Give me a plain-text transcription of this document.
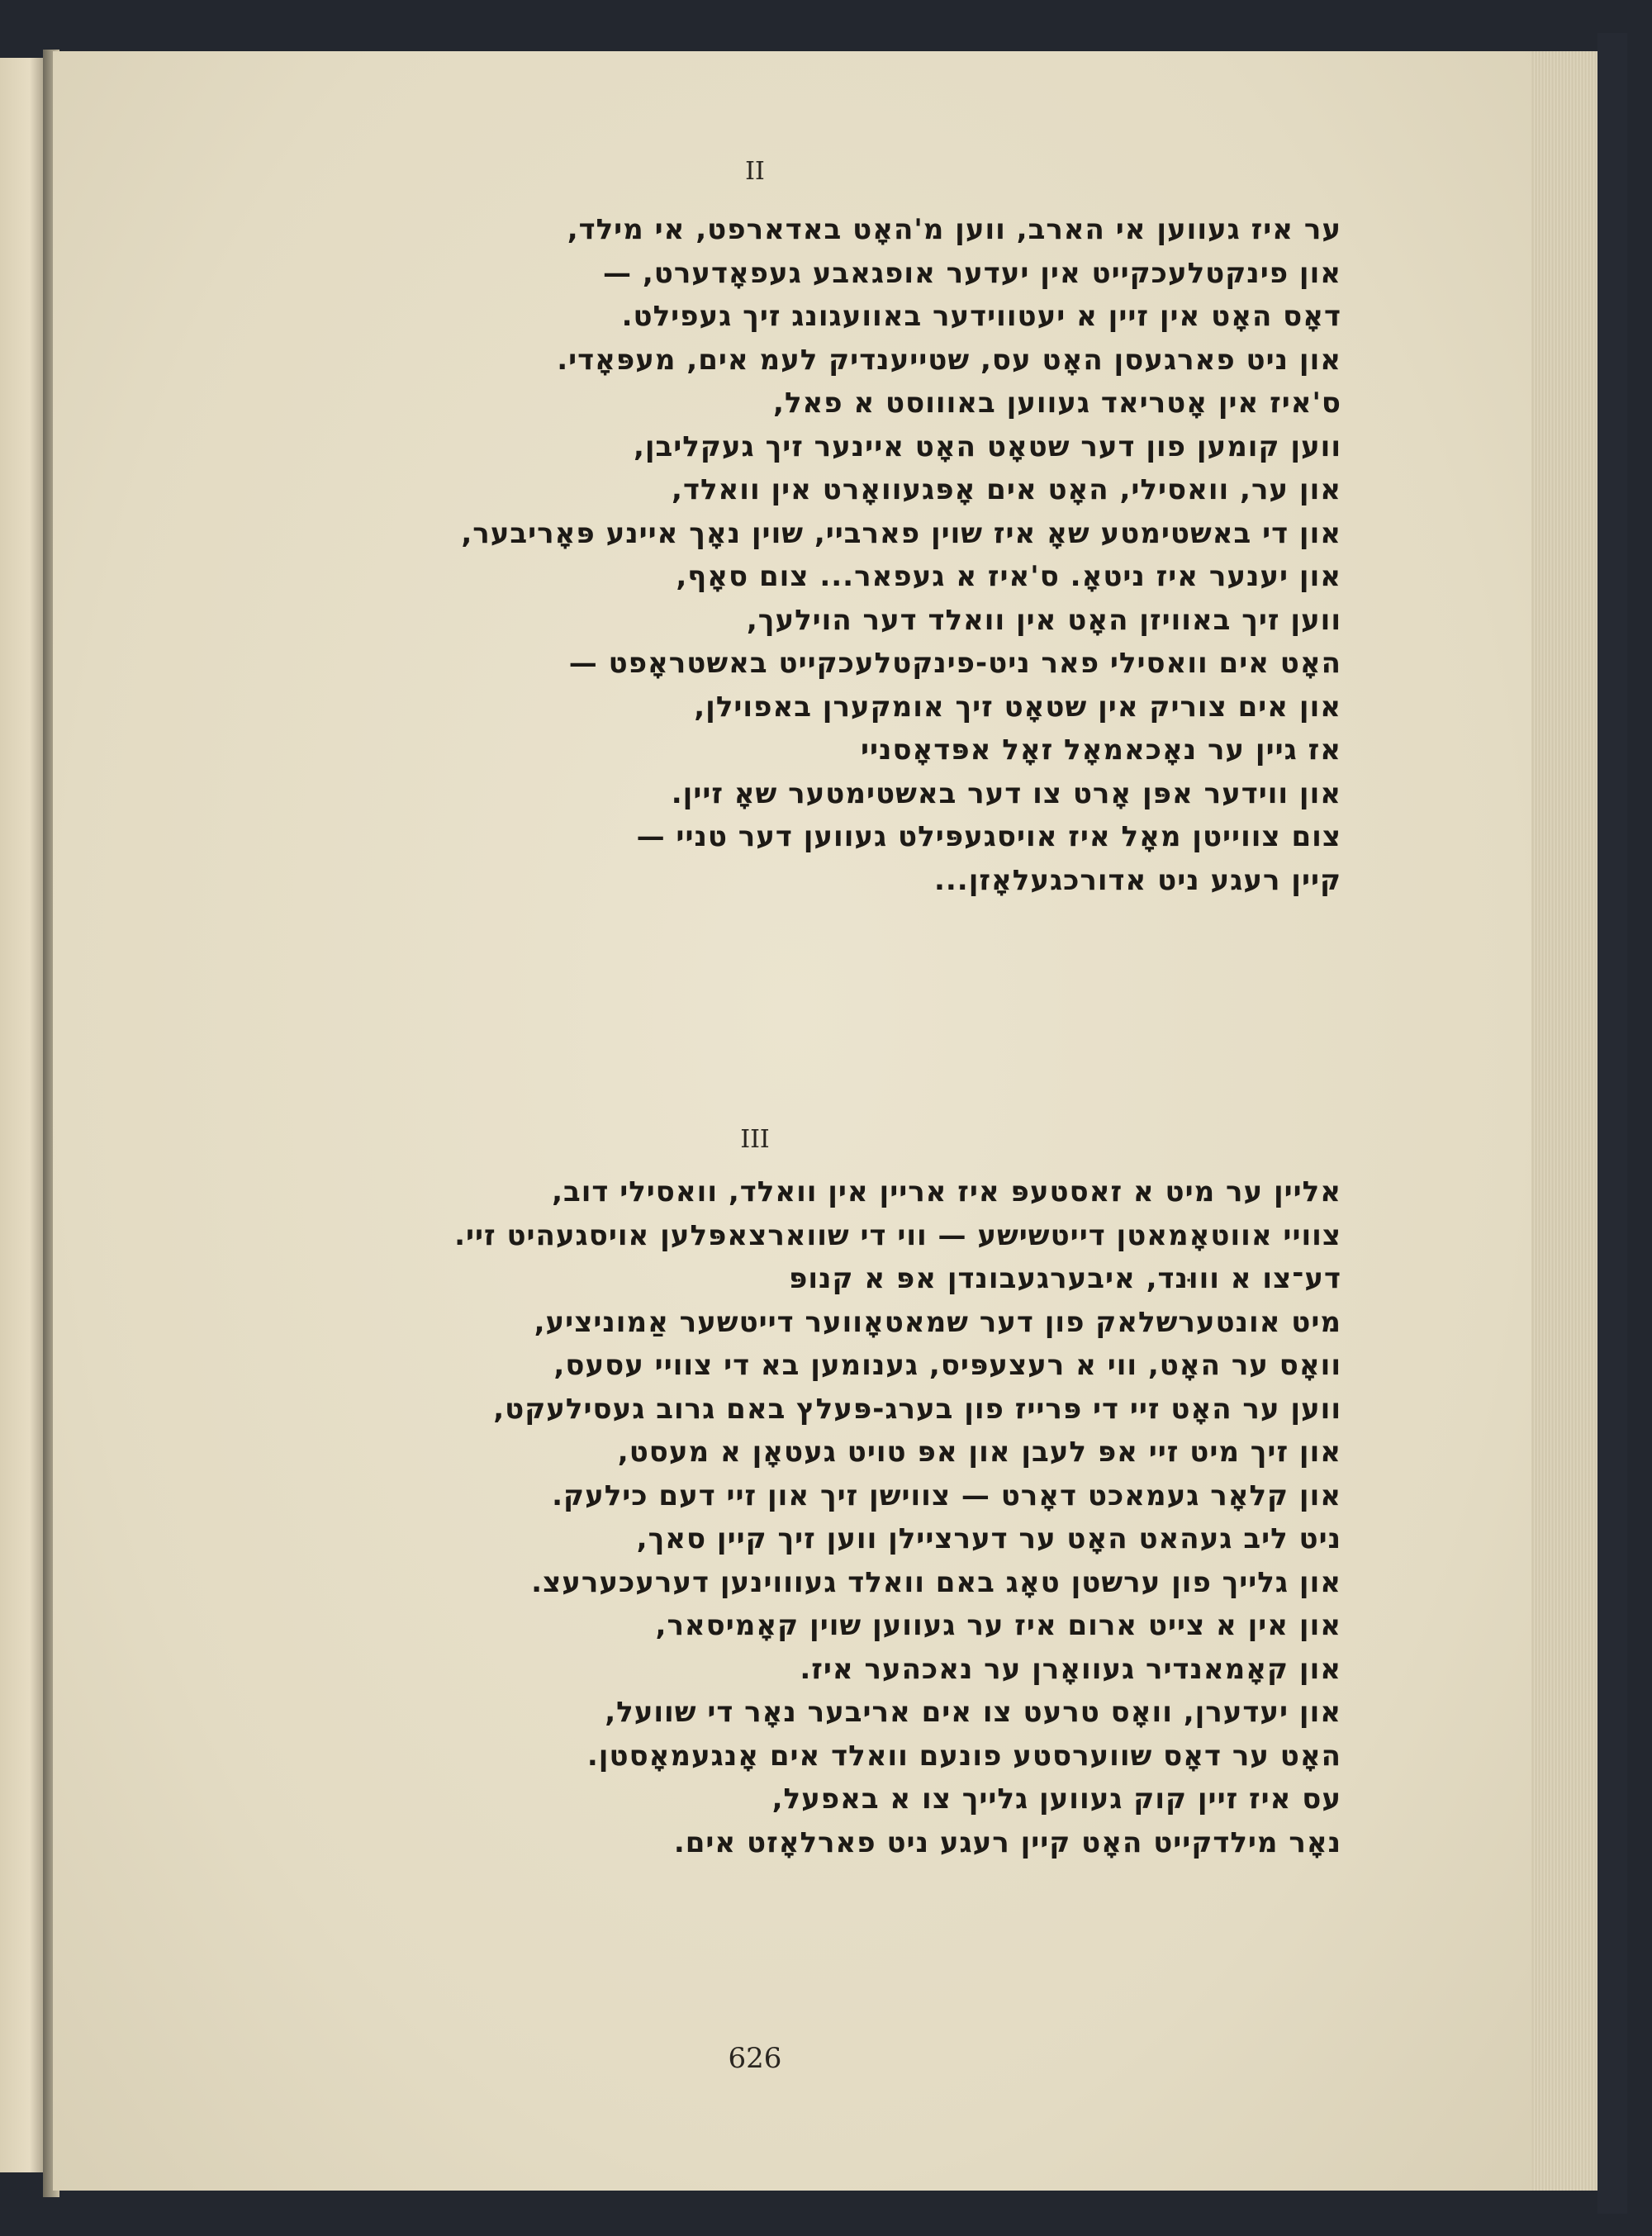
II
ער איז געווען אי הארב, ווען מ'האָט באדארפט, אי מילד,
און פינקטלעכקייט אין יעדער אופגאבע געפאָדערט, —
דאָס האָט אין זיין א יעטווידער באוועגונג זיך געפילט.
און ניט פארגעסן האָט עס, שטייענדיק לעמ אים, מעפּאָדי.
ס'איז אין אָטריאד געווען באוווסט א פאל,
ווען קומען פון דער שטאָט האָט איינער זיך געקליבן,
און ער, וואסילי, האָט אים אָפּגעוואָרט אין וואלד,
און די באשטימטע שאָ איז שוין פארביי, שוין נאָך איינע פּאָריבער,
און יענער איז ניטאָ. ס'איז א געפאר... צום סאָף,
ווען זיך באוויזן האָט אין וואלד דער הוילעך,
האָט אים וואסילי פאר ניט-פינקטלעכקייט באשטראָפט —
און אים צוריק אין שטאָט זיך אומקערן באפוילן,
אז גיין ער נאָכאמאָל זאָל אפּדאָסניי
און ווידער אפּן אָרט צו דער באשטימטער שאָ זיין.
צום צווייטן מאָל איז אויסגעפּילט געווען דער טניי —
קיין רעגע ניט אדורכגעלאָזן...
III
אליין ער מיט א זאסטעפּ איז אריין אין וואלד, וואסילי דוב,
צוויי אווטאָמאטן דייטשישע — ווי די שווארצאפּלען אויסגעהיט זיי.
דע־צו א וווּנד, איבערגעבונדן אפּ א קנופּ
מיט אונטערשלאק פון דער שמאטאָווער דייטשער אַמוניציע,
וואָס ער האָט, ווי א רעצעפּיס, גענומען בא די צוויי עסעס,
ווען ער האָט זיי די פּרייז פון בערג-פּעלץ באם גרוב געסילעקט,
און זיך מיט זיי אפּ לעבן און אפּ טויט געטאָן א מעסט,
און קלאָר געמאכט דאָרט — צווישן זיך און זיי דעם כילעק.
ניט ליב געהאט האָט ער דערציילן ווען זיך קיין סאך,
און גלייך פון ערשטן טאָג באם וואלד געוווינען דערעכערעצ.
און אין א צייט ארום איז ער געווען שוין קאָמיסאר,
און קאָמאנדיר געוואָרן ער נאכהער איז.
און יעדערן, וואָס טרעט צו אים אריבער נאָר די שוועל,
האָט ער דאָס שווערסטע פונעם וואלד אים אָנגעמאָסטן.
עס איז זיין קוק געווען גלייך צו א באפעל,
נאָר מילדקייט האָט קיין רעגע ניט פארלאָזט אים.
626
